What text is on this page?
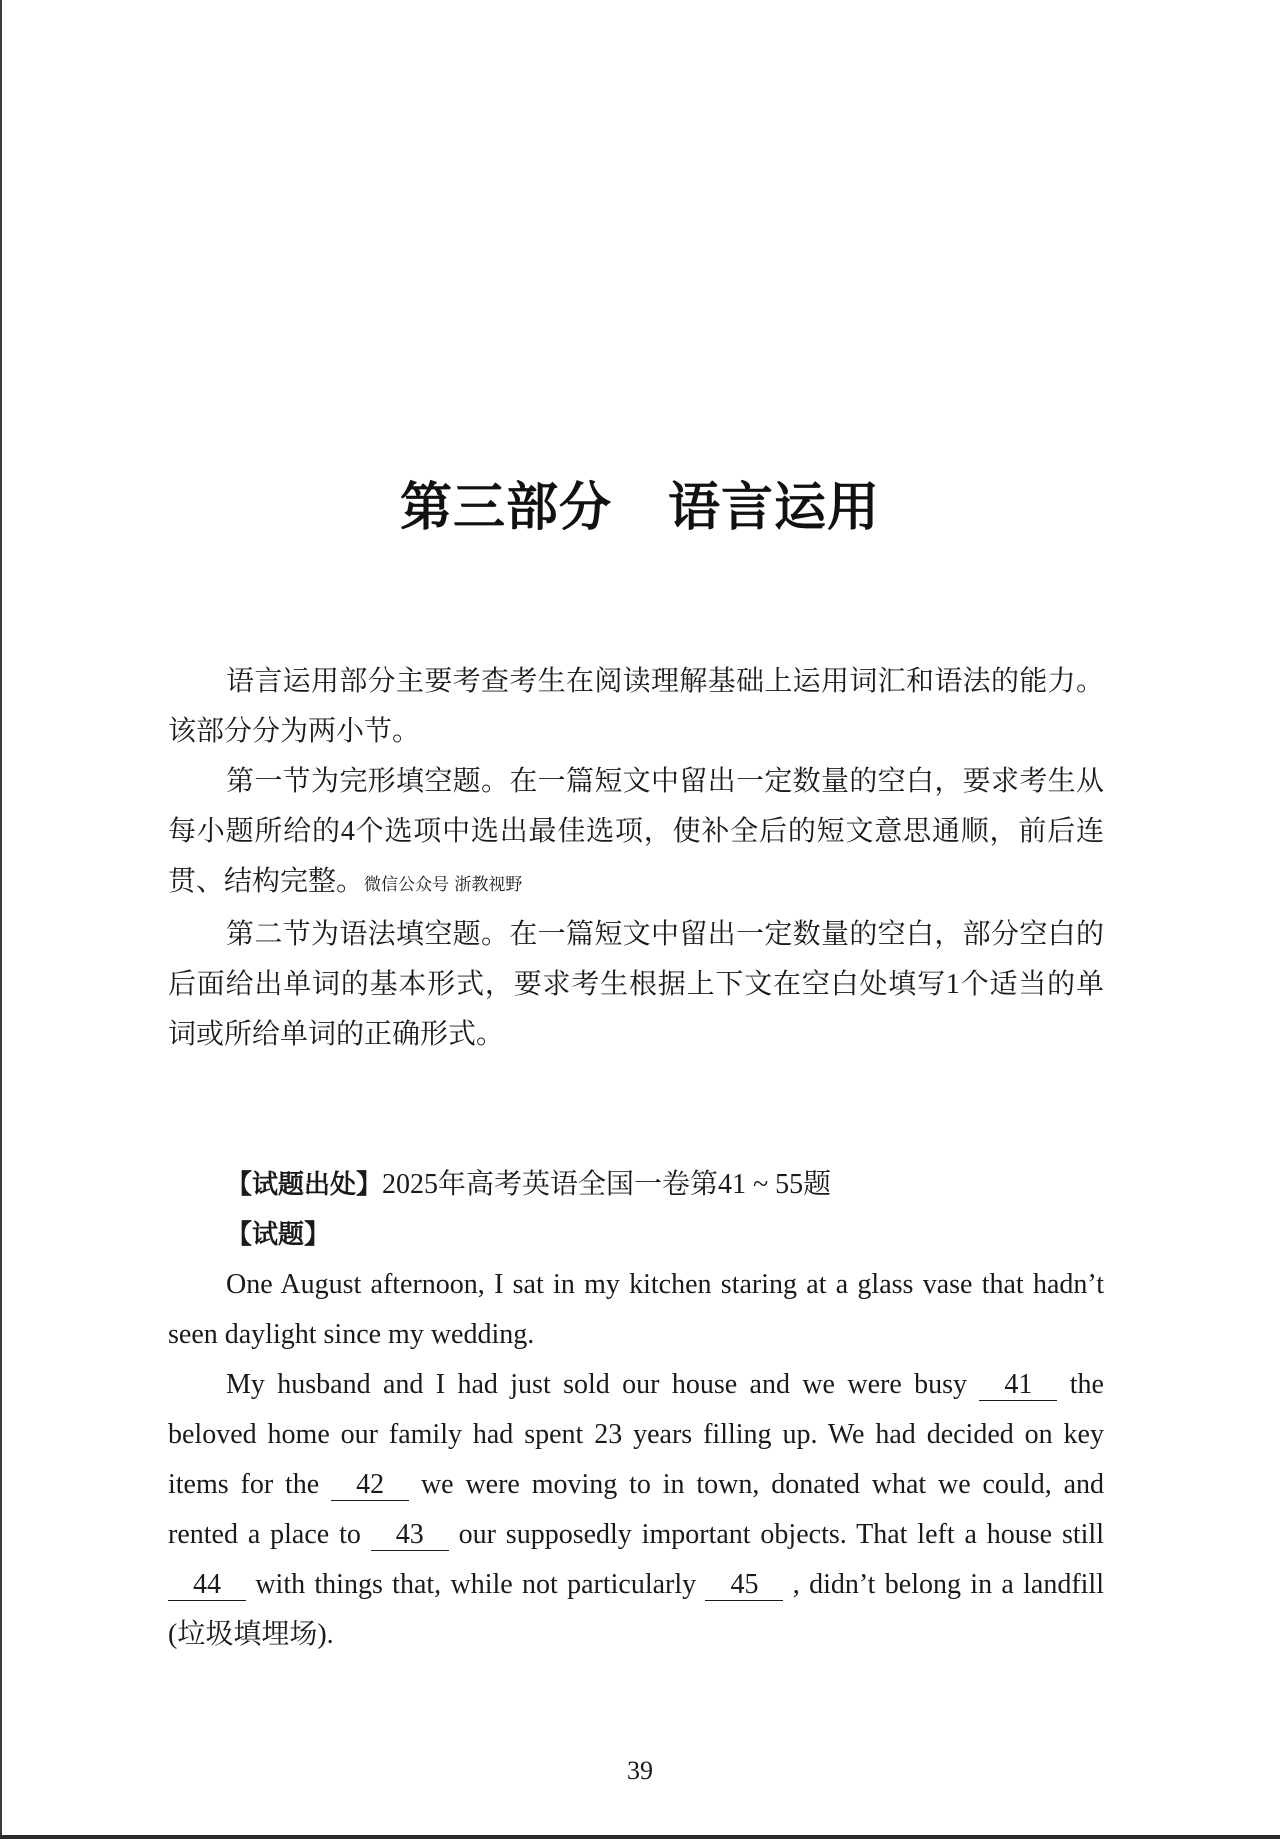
第三部分 语言运用

语言运用部分主要考查考生在阅读理解基础上运用词汇和语法的能力。该部分分为两小节。

第一节为完形填空题。在一篇短文中留出一定数量的空白，要求考生从每小题所给的4个选项中选出最佳选项，使补全后的短文意思通顺，前后连贯、结构完整。微信公众号 浙教视野

第二节为语法填空题。在一篇短文中留出一定数量的空白，部分空白的后面给出单词的基本形式，要求考生根据上下文在空白处填写1个适当的单词或所给单词的正确形式。

【试题出处】2025年高考英语全国一卷第41 ~ 55题

【试题】

One August afternoon, I sat in my kitchen staring at a glass vase that hadn’t seen daylight since my wedding.

My husband and I had just sold our house and we were busy 41 the beloved home our family had spent 23 years filling up. We had decided on key items for the 42 we were moving to in town, donated what we could, and rented a place to 43 our supposedly important objects. That left a house still 44 with things that, while not particularly 45 , didn’t belong in a landfill (垃圾填埋场).

39
